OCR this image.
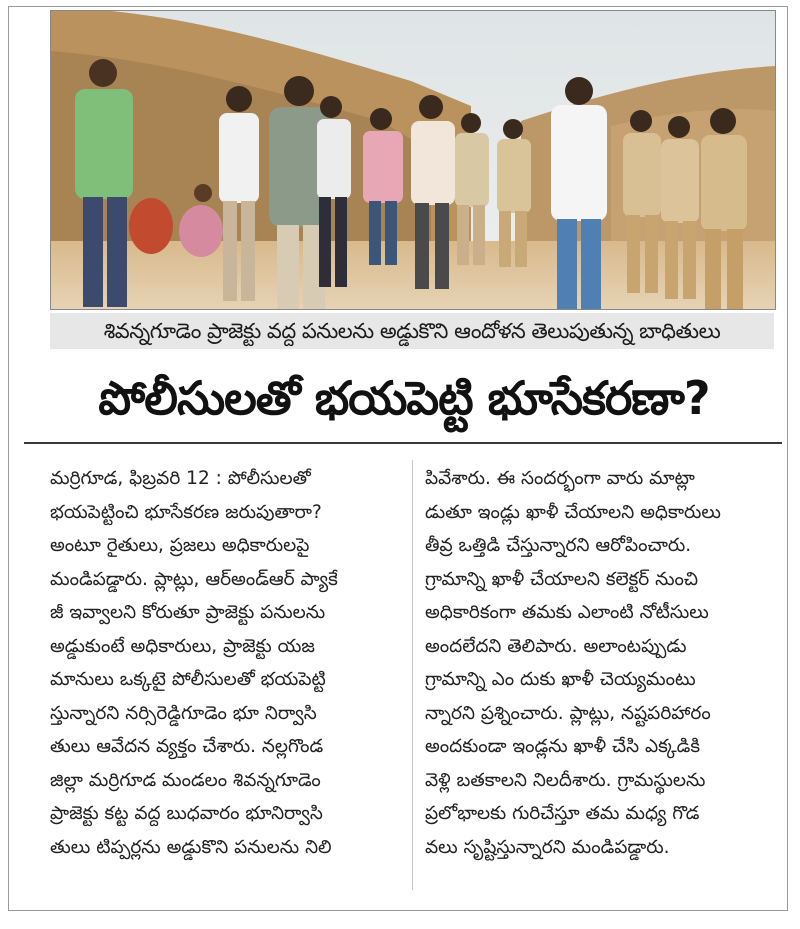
శివన్నగూడెం ప్రాజెక్టు వద్ద పనులను అడ్డుకొని ఆందోళన తెలుపుతున్న బాధితులు
పోలీసులతో భయపెట్టి భూసేకరణా?
మర్రిగూడ, ఫిబ్రవరి 12 : పోలీసులతో
భయపెట్టించి భూసేకరణ జరుపుతారా?
అంటూ రైతులు, ప్రజలు అధికారులపై
మండిపడ్డారు. ప్లాట్లు, ఆర్‌అండ్‌ఆర్ ప్యాకే
జీ ఇవ్వాలని కోరుతూ ప్రాజెక్టు పనులను
అడ్డుకుంటే అధికారులు, ప్రాజెక్టు యజ
మానులు ఒక్కటై పోలీసులతో భయపెట్టి
స్తున్నారని నర్సిరెడ్డిగూడెం భూ నిర్వాసి
తులు ఆవేదన వ్యక్తం చేశారు. నల్లగొండ
జిల్లా మర్రిగూడ మండలం శివన్నగూడెం
ప్రాజెక్టు కట్ట వద్ద బుధవారం భూనిర్వాసి
తులు టిప్పర్లను అడ్డుకొని పనులను నిలి
పివేశారు. ఈ సందర్భంగా వారు మాట్లా
డుతూ ఇండ్లు ఖాళీ చేయాలని అధికారులు
తీవ్ర ఒత్తిడి చేస్తున్నారని ఆరోపించారు.
గ్రామాన్ని ఖాళీ చేయాలని కలెక్టర్ నుంచి
అధికారికంగా తమకు ఎలాంటి నోటీసులు
అందలేదని తెలిపారు. అలాంటప్పుడు
గ్రామాన్ని ఎం దుకు ఖాళీ చెయ్యమంటు
న్నారని ప్రశ్నించారు. ప్లాట్లు, నష్టపరిహారం
అందకుండా ఇండ్లను ఖాళీ చేసి ఎక్కడికి
వెళ్లి బతకాలని నిలదీశారు. గ్రామస్థులను
ప్రలోభాలకు గురిచేస్తూ తమ మధ్య గొడ
వలు సృష్టిస్తున్నారని మండిపడ్డారు.
